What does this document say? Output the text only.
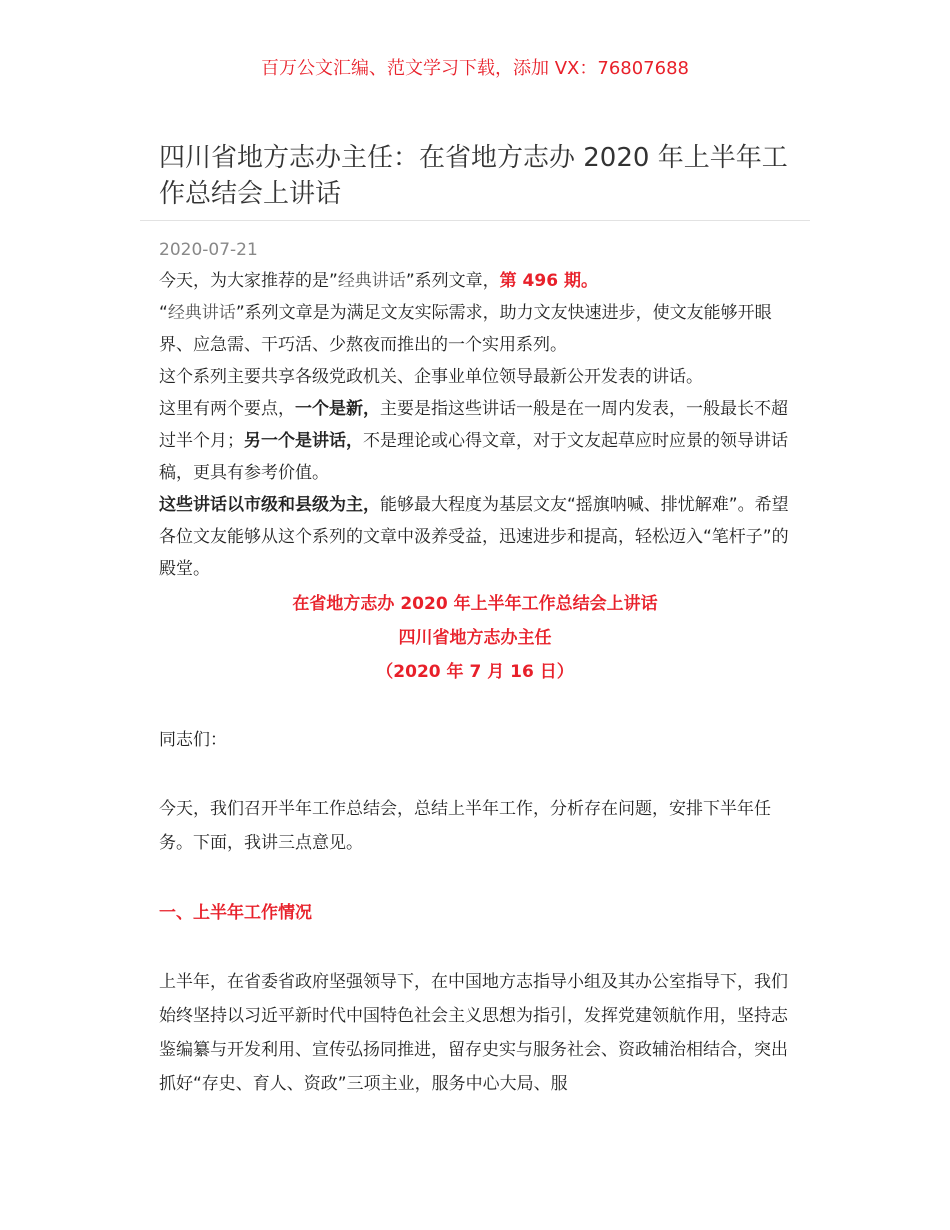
百万公文汇编、范文学习下载，添加 VX：76807688
四川省地方志办主任：在省地方志办 2020 年上半年工作总结会上讲话
2020-07-21

今天，为大家推荐的是”经典讲话”系列文章，第 496 期。

“经典讲话”系列文章是为满足文友实际需求，助力文友快速进步，使文友能够开眼界、应急需、干巧活、少熬夜而推出的一个实用系列。

这个系列主要共享各级党政机关、企事业单位领导最新公开发表的讲话。

这里有两个要点，一个是新，主要是指这些讲话一般是在一周内发表，一般最长不超过半个月；另一个是讲话，不是理论或心得文章，对于文友起草应时应景的领导讲话稿，更具有参考价值。

这些讲话以市级和县级为主，能够最大程度为基层文友“摇旗呐喊、排忧解难”。希望各位文友能够从这个系列的文章中汲养受益，迅速进步和提高，轻松迈入“笔杆子”的殿堂。

在省地方志办 2020 年上半年工作总结会上讲话
四川省地方志办主任
（2020 年 7 月 16 日）

同志们：

今天，我们召开半年工作总结会，总结上半年工作，分析存在问题，安排下半年任务。下面，我讲三点意见。

一、上半年工作情况

上半年，在省委省政府坚强领导下，在中国地方志指导小组及其办公室指导下，我们始终坚持以习近平新时代中国特色社会主义思想为指引，发挥党建领航作用，坚持志鉴编纂与开发利用、宣传弘扬同推进，留存史实与服务社会、资政辅治相结合，突出抓好“存史、育人、资政”三项主业，服务中心大局、服
